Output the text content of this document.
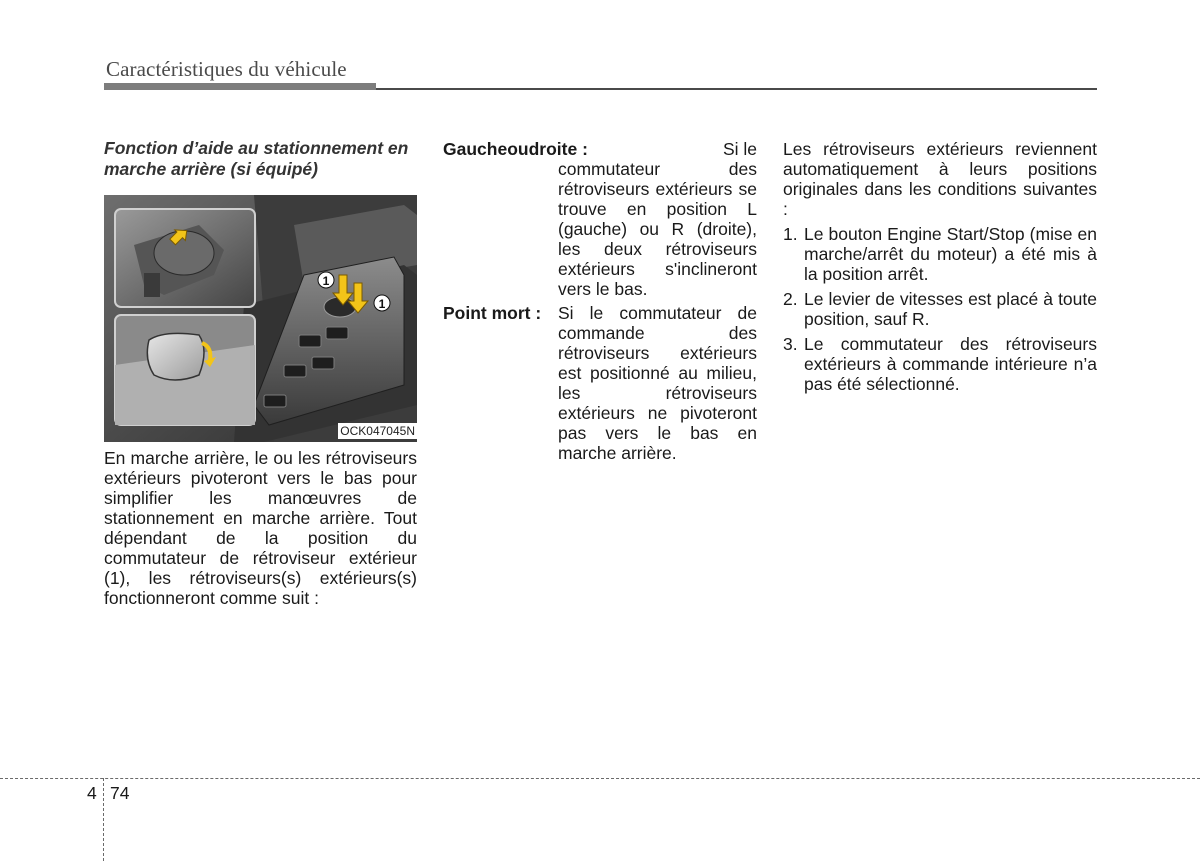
Caractéristiques du véhicule

Fonction d’aide au stationnement en marche arrière (si équipé)

1
1
OCK047045N

En marche arrière, le ou les rétroviseurs extérieurs pivoteront vers le bas pour simplifier les manœuvres de stationnement en marche arrière. Tout dépendant de la position du commutateur de rétroviseur extérieur (1), les rétroviseurs(s) extérieurs(s) fonctionneront comme suit :

Gauche ou droite :	Si le
commutateur des rétroviseurs extérieurs se trouve en position L (gauche) ou R (droite), les deux rétroviseurs extérieurs s'inclineront vers le bas.
Point mort : Si le commutateur de
commande des rétroviseurs extérieurs est positionné au milieu, les rétroviseurs extérieurs ne pivoteront pas vers le bas en marche arrière.

Les rétroviseurs extérieurs reviennent automatiquement à leurs positions originales dans les conditions suivantes :

1. Le bouton Engine Start/Stop (mise en marche/arrêt du moteur) a été mis à la position arrêt.
2. Le levier de vitesses est placé à toute position, sauf R.
3. Le commutateur des rétroviseurs extérieurs à commande intérieure n’a pas été sélectionné.
4 74
